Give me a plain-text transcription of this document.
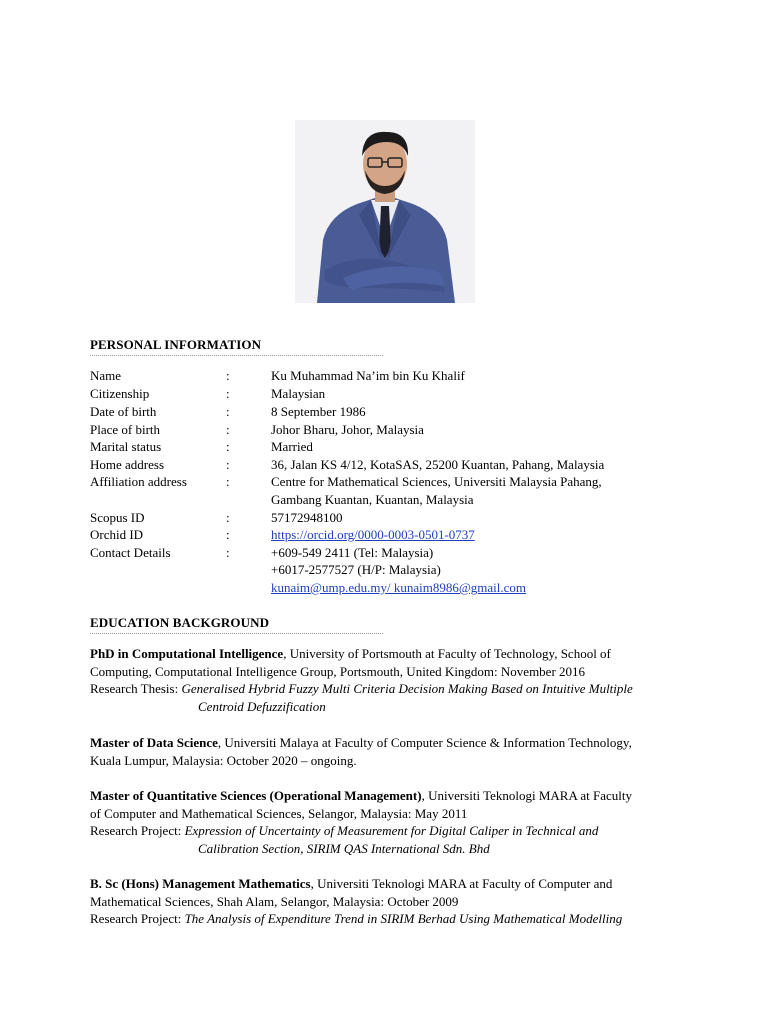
PERSONAL INFORMATION
Name	:	Ku Muhammad Na’im bin Ku Khalif
Citizenship	:	Malaysian
Date of birth	:	8 September 1986
Place of birth	:	Johor Bharu, Johor, Malaysia
Marital status	:	Married
Home address	:	36, Jalan KS 4/12, KotaSAS, 25200 Kuantan, Pahang, Malaysia
Affiliation address	:	Centre for Mathematical Sciences, Universiti Malaysia Pahang,
Gambang Kuantan, Kuantan, Malaysia
Scopus ID	:	57172948100
Orchid ID	:	https://orcid.org/0000-0003-0501-0737
Contact Details	:	+609-549 2411 (Tel: Malaysia)
+6017-2577527 (H/P: Malaysia)
kunaim@ump.edu.my/ kunaim8986@gmail.com
EDUCATION BACKGROUND
PhD in Computational Intelligence, University of Portsmouth at Faculty of Technology, School of
Computing, Computational Intelligence Group, Portsmouth, United Kingdom: November 2016
Research Thesis: Generalised Hybrid Fuzzy Multi Criteria Decision Making Based on Intuitive Multiple
Centroid Defuzzification
Master of Data Science, Universiti Malaya at Faculty of Computer Science & Information Technology,
Kuala Lumpur, Malaysia: October 2020 – ongoing.
Master of Quantitative Sciences (Operational Management), Universiti Teknologi MARA at Faculty
of Computer and Mathematical Sciences, Selangor, Malaysia: May 2011
Research Project: Expression of Uncertainty of Measurement for Digital Caliper in Technical and
Calibration Section, SIRIM QAS International Sdn. Bhd
B. Sc (Hons) Management Mathematics, Universiti Teknologi MARA at Faculty of Computer and
Mathematical Sciences, Shah Alam, Selangor, Malaysia: October 2009
Research Project: The Analysis of Expenditure Trend in SIRIM Berhad Using Mathematical Modelling
